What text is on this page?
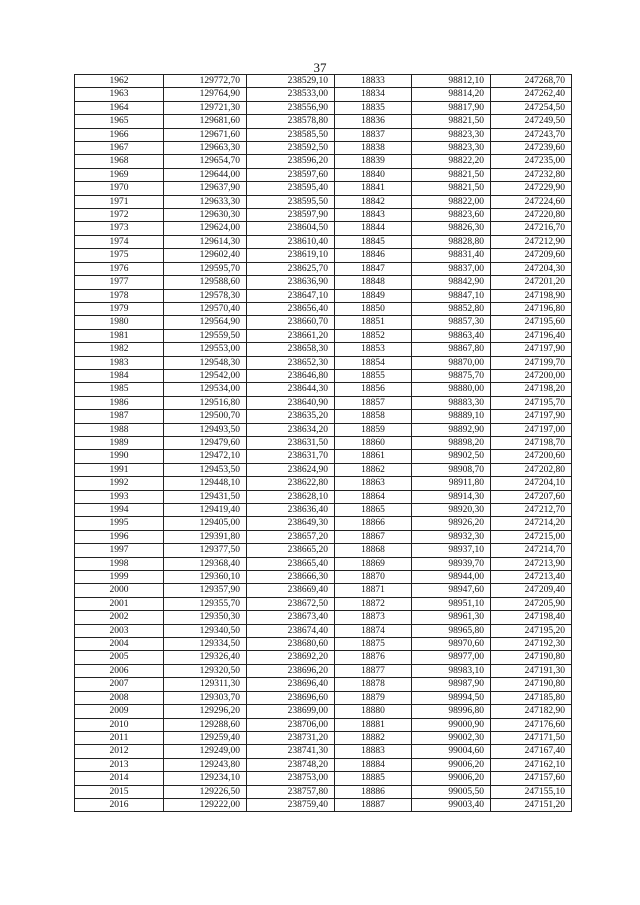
37
1962	129772,70	238529,10	18833	98812,10	247268,70
1963	129764,90	238533,00	18834	98814,20	247262,40
1964	129721,30	238556,90	18835	98817,90	247254,50
1965	129681,60	238578,80	18836	98821,50	247249,50
1966	129671,60	238585,50	18837	98823,30	247243,70
1967	129663,30	238592,50	18838	98823,30	247239,60
1968	129654,70	238596,20	18839	98822,20	247235,00
1969	129644,00	238597,60	18840	98821,50	247232,80
1970	129637,90	238595,40	18841	98821,50	247229,90
1971	129633,30	238595,50	18842	98822,00	247224,60
1972	129630,30	238597,90	18843	98823,60	247220,80
1973	129624,00	238604,50	18844	98826,30	247216,70
1974	129614,30	238610,40	18845	98828,80	247212,90
1975	129602,40	238619,10	18846	98831,40	247209,60
1976	129595,70	238625,70	18847	98837,00	247204,30
1977	129588,60	238636,90	18848	98842,90	247201,20
1978	129578,30	238647,10	18849	98847,10	247198,90
1979	129570,40	238656,40	18850	98852,80	247196,80
1980	129564,90	238660,70	18851	98857,30	247195,60
1981	129559,50	238661,20	18852	98863,40	247196,40
1982	129553,00	238658,30	18853	98867,80	247197,90
1983	129548,30	238652,30	18854	98870,00	247199,70
1984	129542,00	238646,80	18855	98875,70	247200,00
1985	129534,00	238644,30	18856	98880,00	247198,20
1986	129516,80	238640,90	18857	98883,30	247195,70
1987	129500,70	238635,20	18858	98889,10	247197,90
1988	129493,50	238634,20	18859	98892,90	247197,00
1989	129479,60	238631,50	18860	98898,20	247198,70
1990	129472,10	238631,70	18861	98902,50	247200,60
1991	129453,50	238624,90	18862	98908,70	247202,80
1992	129448,10	238622,80	18863	98911,80	247204,10
1993	129431,50	238628,10	18864	98914,30	247207,60
1994	129419,40	238636,40	18865	98920,30	247212,70
1995	129405,00	238649,30	18866	98926,20	247214,20
1996	129391,80	238657,20	18867	98932,30	247215,00
1997	129377,50	238665,20	18868	98937,10	247214,70
1998	129368,40	238665,40	18869	98939,70	247213,90
1999	129360,10	238666,30	18870	98944,00	247213,40
2000	129357,90	238669,40	18871	98947,60	247209,40
2001	129355,70	238672,50	18872	98951,10	247205,90
2002	129350,30	238673,40	18873	98961,30	247198,40
2003	129340,50	238674,40	18874	98965,80	247195,20
2004	129334,50	238680,60	18875	98970,60	247192,30
2005	129326,40	238692,20	18876	98977,00	247190,80
2006	129320,50	238696,20	18877	98983,10	247191,30
2007	129311,30	238696,40	18878	98987,90	247190,80
2008	129303,70	238696,60	18879	98994,50	247185,80
2009	129296,20	238699,00	18880	98996,80	247182,90
2010	129288,60	238706,00	18881	99000,90	247176,60
2011	129259,40	238731,20	18882	99002,30	247171,50
2012	129249,00	238741,30	18883	99004,60	247167,40
2013	129243,80	238748,20	18884	99006,20	247162,10
2014	129234,10	238753,00	18885	99006,20	247157,60
2015	129226,50	238757,80	18886	99005,50	247155,10
2016	129222,00	238759,40	18887	99003,40	247151,20
